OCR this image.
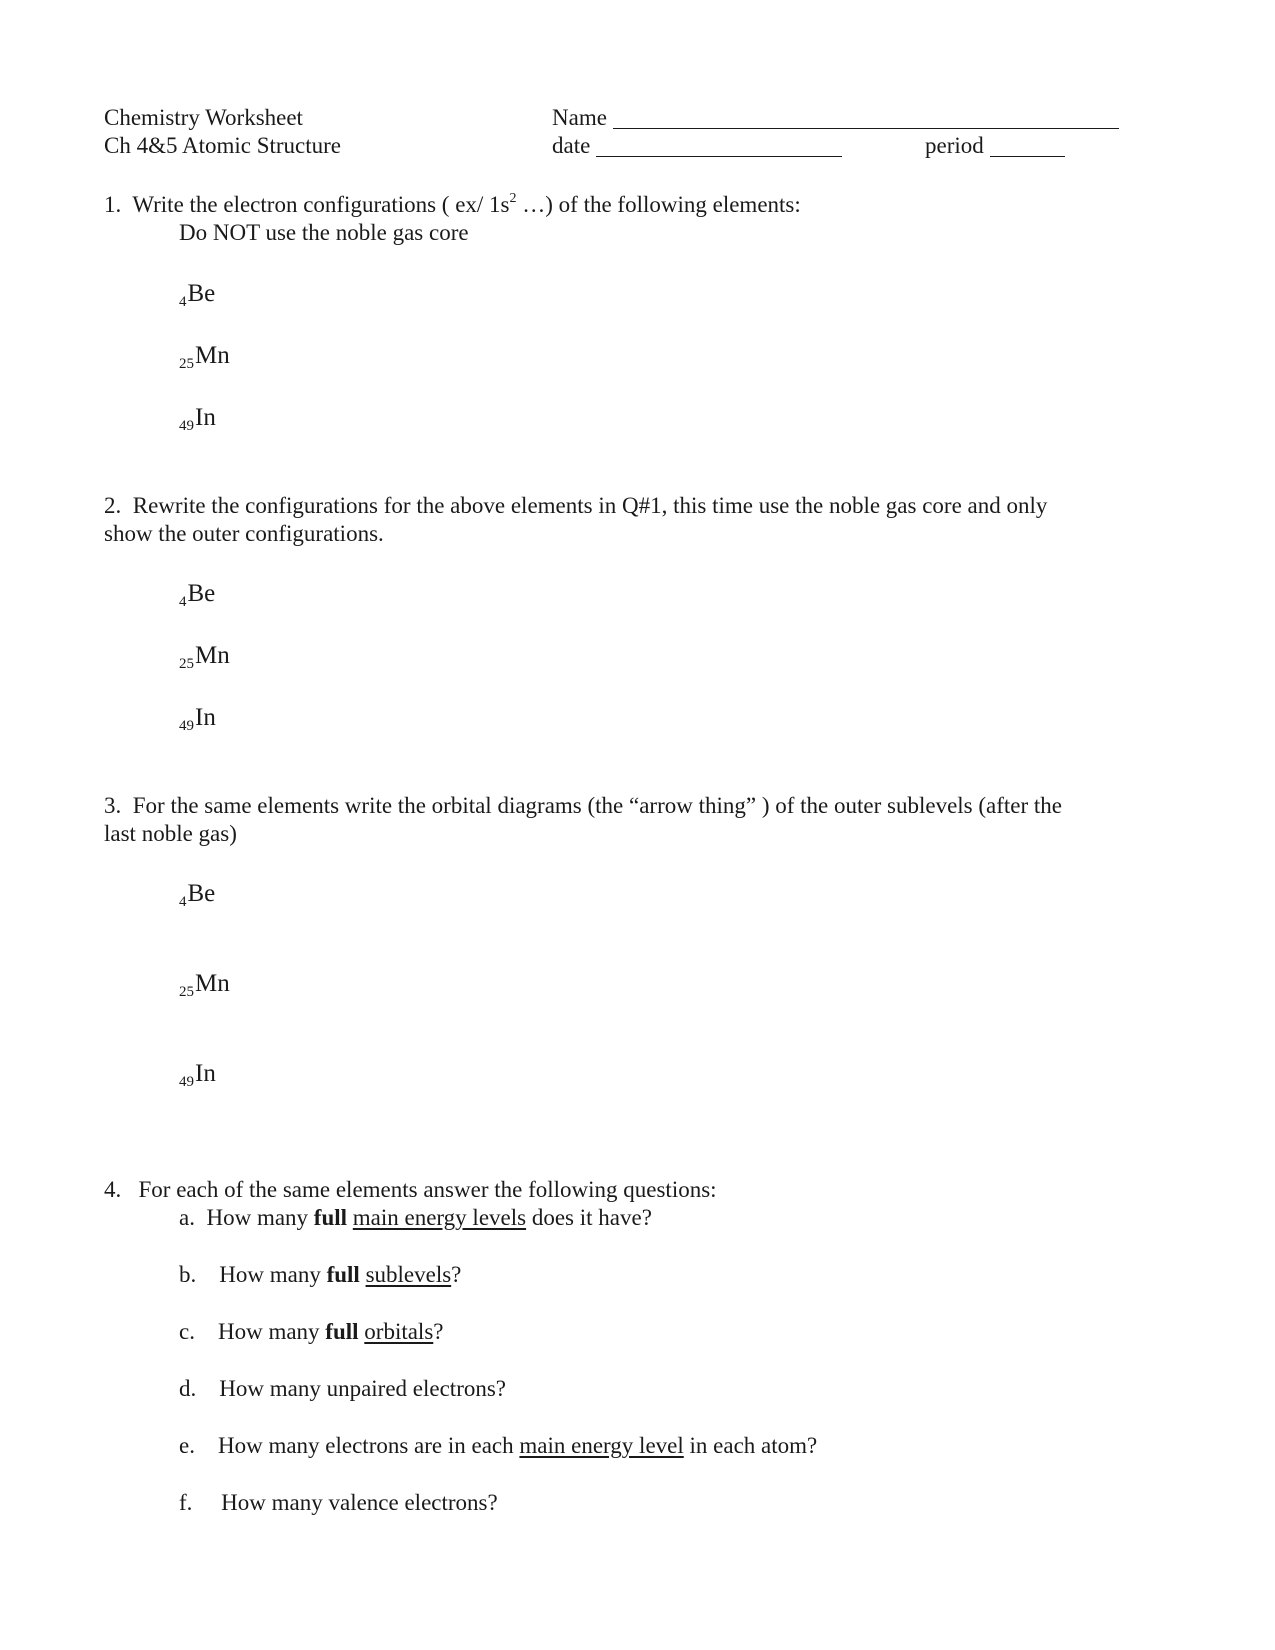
Chemistry Worksheet
Ch 4&5 Atomic Structure
Name
date	period
1. Write the electron configurations ( ex/ $1s^2$ …) of the following elements:
Do NOT use the noble gas core
$_4$Be
$_{25}$Mn
$_{49}$In
2. Rewrite the configurations for the above elements in Q#1, this time use the noble gas core and only
show the outer configurations.
$_4$Be
$_{25}$Mn
$_{49}$In
3. For the same elements write the orbital diagrams (the “arrow thing” ) of the outer sublevels (after the
last noble gas)
$_4$Be
$_{25}$Mn
$_{49}$In
4. For each of the same elements answer the following questions:
a. How many full main energy levels does it have?
b. How many full sublevels?
c. How many full orbitals?
d. How many unpaired electrons?
e. How many electrons are in each main energy level in each atom?
f. How many valence electrons?
